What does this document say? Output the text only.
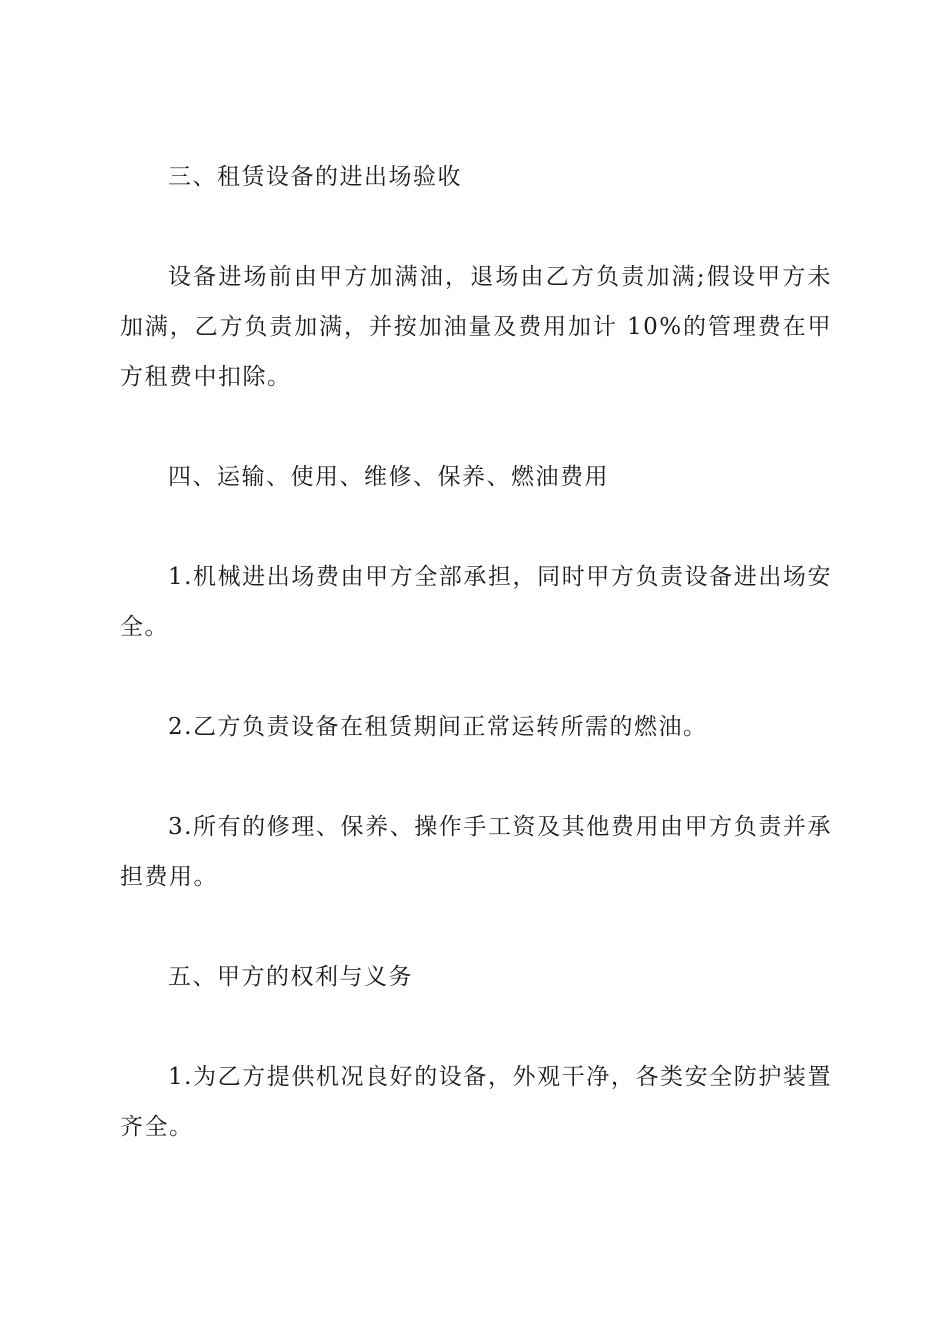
三、租赁设备的进出场验收

设备进场前由甲方加满油，退场由乙方负责加满;假设甲方未加满，乙方负责加满，并按加油量及费用加计 10%的管理费在甲方租费中扣除。

四、运输、使用、维修、保养、燃油费用

1.机械进出场费由甲方全部承担，同时甲方负责设备进出场安全。

2.乙方负责设备在租赁期间正常运转所需的燃油。

3.所有的修理、保养、操作手工资及其他费用由甲方负责并承担费用。

五、甲方的权利与义务

1.为乙方提供机况良好的设备，外观干净，各类安全防护装置齐全。
